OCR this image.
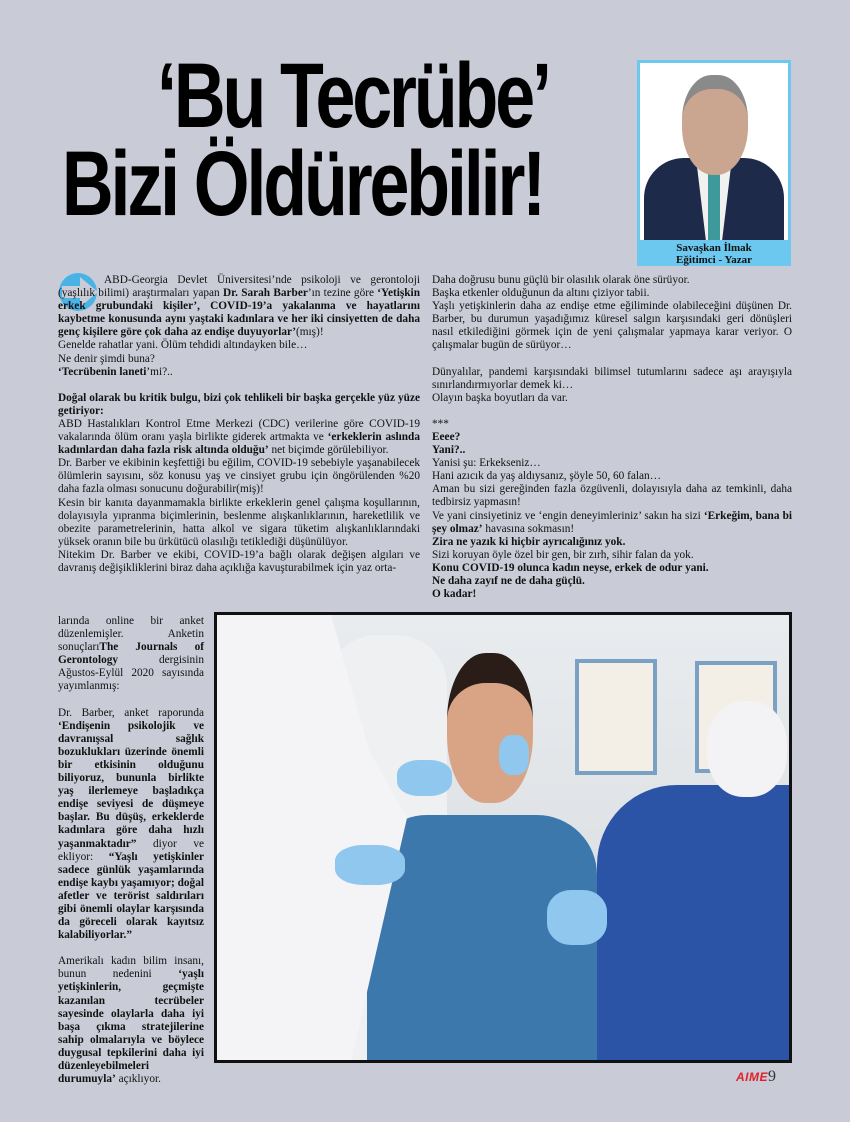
‘Bu Tecrübe’
Bizi Öldürebilir!
Savaşkan İlmak
Eğitimci - Yazar

ABD-Georgia Devlet Üniversitesi’nde psikoloji ve gerontoloji (yaşlılık bilimi) araştırmaları yapan Dr. Sarah Barber’ın tezine göre ‘Yetişkin erkek grubundaki kişiler’, COVID-19’a yakalanma ve hayatlarını kaybetme konusunda aynı yaştaki kadınlara ve her iki cinsiyetten de daha genç kişilere göre çok daha az endişe duyuyorlar’(mış)!

Genelde rahatlar yani. Ölüm tehdidi altındayken bile…

Ne denir şimdi buna?

‘Tecrübenin laneti’mi?..

Doğal olarak bu kritik bulgu, bizi çok tehlikeli bir başka gerçekle yüz yüze getiriyor:

ABD Hastalıkları Kontrol Etme Merkezi (CDC) verilerine göre COVID-19 vakalarında ölüm oranı yaşla birlikte giderek artmakta ve ‘erkeklerin aslında kadınlardan daha fazla risk altında olduğu’ net biçimde görülebiliyor.

Dr. Barber ve ekibinin keşfettiği bu eğilim, COVID-19 sebebiyle yaşanabilecek ölümlerin sayısını, söz konusu yaş ve cinsiyet grubu için öngörülenden %20 daha fazla olması sonucunu doğurabilir(miş)!

Kesin bir kanıta dayanmamakla birlikte erkeklerin genel çalışma koşullarının, dolayısıyla yıpranma biçimlerinin, beslenme alışkanlıklarının, hareketlilik ve obezite parametrelerinin, hatta alkol ve sigara tüketim alışkanlıklarındaki yüksek oranın bile bu ürkütücü olasılığı tetiklediği düşünülüyor.

Nitekim Dr. Barber ve ekibi, COVID-19’a bağlı olarak değişen algıları ve davranış değişikliklerini biraz daha açıklığa kavuşturabilmek için yaz orta-

larında online bir anket düzenlemişler. Anketin sonuçlarıThe Journals of Gerontology dergisinin Ağustos-Eylül 2020 sayısında yayımlanmış:

Dr. Barber, anket raporunda ‘Endişenin psikolojik ve davranışsal sağlık bozuklukları üzerinde önemli bir etkisinin olduğunu biliyoruz, bununla birlikte yaş ilerlemeye başladıkça endişe seviyesi de düşmeye başlar. Bu düşüş, erkeklerde kadınlara göre daha hızlı yaşanmaktadır” diyor ve ekliyor: “Yaşlı yetişkinler sadece günlük yaşamlarında endişe kaybı yaşamıyor; doğal afetler ve terörist saldırıları gibi önemli olaylar karşısında da göreceli olarak kayıtsız kalabiliyorlar.”

Amerikalı kadın bilim insanı, bunun nedenini ‘yaşlı yetişkinlerin, geçmişte kazanılan tecrübeler sayesinde olaylarla daha iyi başa çıkma stratejilerine sahip olmalarıyla ve böylece duygusal tepkilerini daha iyi düzenleyebilmeleri durumuyla’ açıklıyor.

Daha doğrusu bunu güçlü bir olasılık olarak öne sürüyor.

Başka etkenler olduğunun da altını çiziyor tabii.

Yaşlı yetişkinlerin daha az endişe etme eğiliminde olabileceğini düşünen Dr. Barber, bu durumun yaşadığımız küresel salgın karşısındaki geri dönüşleri nasıl etkilediğini görmek için de yeni çalışmalar yapmaya karar veriyor. O çalışmalar bugün de sürüyor…

Dünyalılar, pandemi karşısındaki bilimsel tutumlarını sadece aşı arayışıyla sınırlandırmıyorlar demek ki…

Olayın başka boyutları da var.

***

Eeee?

Yani?..

Yanisi şu: Erkekseniz…

Hani azıcık da yaş aldıysanız, şöyle 50, 60 falan…

Aman bu sizi gereğinden fazla özgüvenli, dolayısıyla daha az temkinli, daha tedbirsiz yapmasın!

Ve yani cinsiyetiniz ve ‘engin deneyimleriniz’ sakın ha sizi ‘Erkeğim, bana bi şey olmaz’ havasına sokmasın!

Zira ne yazık ki hiçbir ayrıcalığınız yok.

Sizi koruyan öyle özel bir gen, bir zırh, sihir falan da yok.

Konu COVID-19 olunca kadın neyse, erkek de odur yani.

Ne daha zayıf ne de daha güçlü.

O kadar!

AIME9
